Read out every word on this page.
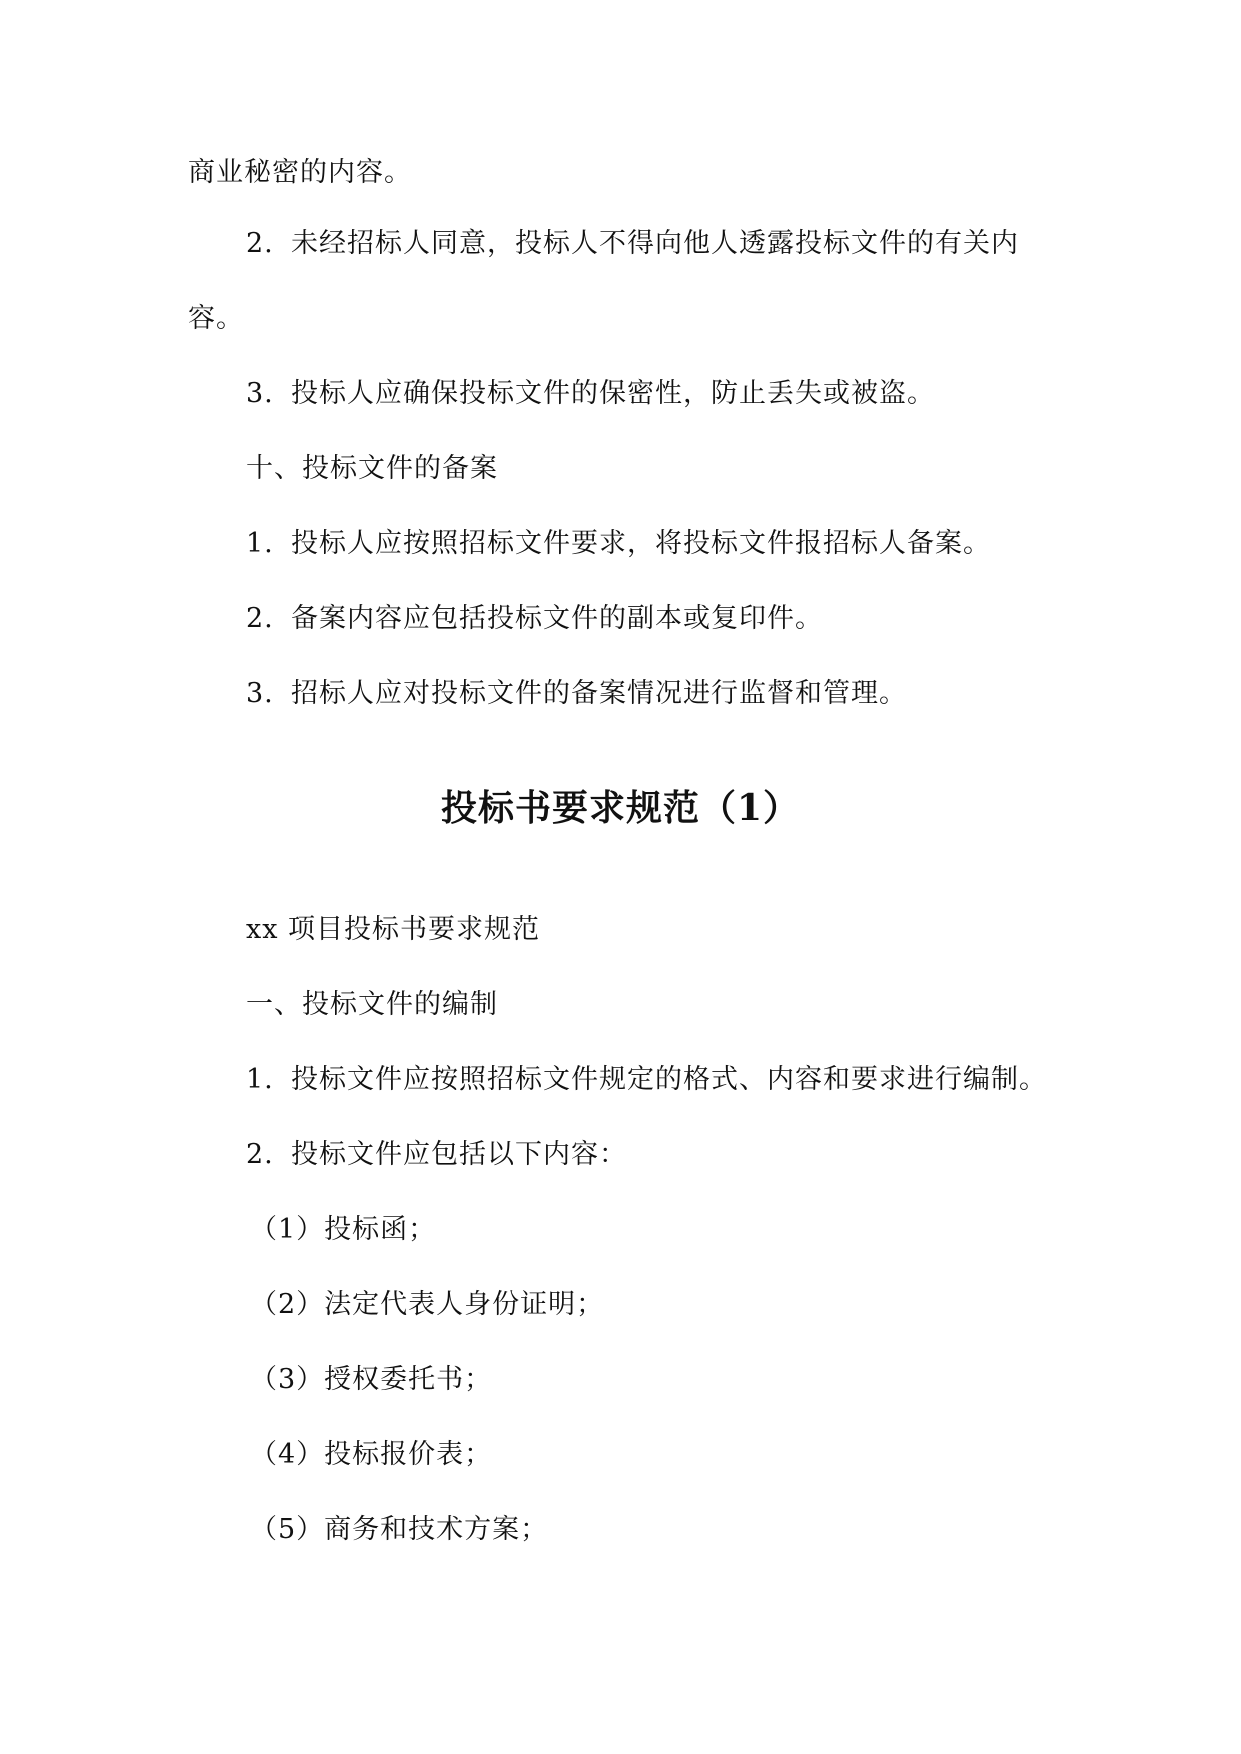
商业秘密的内容。
2. 未经招标人同意，投标人不得向他人透露投标文件的有关内
容。
3. 投标人应确保投标文件的保密性，防止丢失或被盗。
十、投标文件的备案
1. 投标人应按照招标文件要求，将投标文件报招标人备案。
2. 备案内容应包括投标文件的副本或复印件。
3. 招标人应对投标文件的备案情况进行监督和管理。
投标书要求规范（1）
xx 项目投标书要求规范
一、投标文件的编制
1. 投标文件应按照招标文件规定的格式、内容和要求进行编制。
2. 投标文件应包括以下内容：
（1）投标函；
（2）法定代表人身份证明；
（3）授权委托书；
（4）投标报价表；
（5）商务和技术方案；
